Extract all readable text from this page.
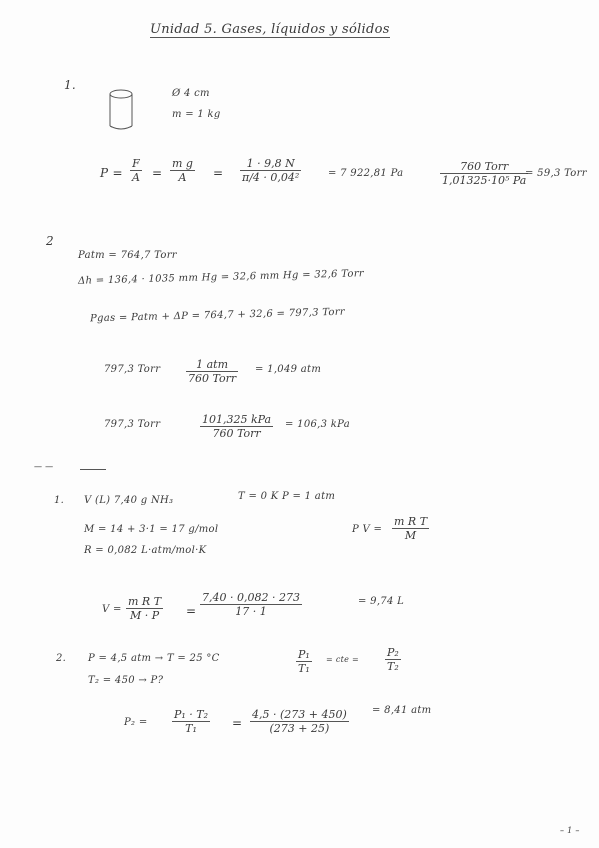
Unidad 5. Gases, líquidos y sólidos
1.
Ø 4 cm
m = 1 kg
$P = \frac{F}{A} = \frac{\text{m g}}{A} = \frac{1 \cdot 9,8 N}{\text{π/4 · 0,04²}}$	= 7 922,81 Pa
760 Torr
1,01325·10⁵ Pa
= 59,3 Torr
2
Patm = 764,7 Torr
Δh = 136,4 · 1035 mm Hg = 32,6 mm Hg = 32,6 Torr
Pgas = Patm + ΔP = 764,7 + 32,6 = 797,3 Torr
797,3 Torr	1 atm
760 Torr
= 1,049 atm
797,3 Torr	101,325 kPa
760 Torr
= 106,3 kPa
— —
1. V (L) 7,40 g NH₃	T = 0 K P = 1 atm
M = 14 + 3·1 = 17 g/mol
R = 0,082 L·atm/mol·K
P $V = \frac{\text{m R T}}{M}$
$V = \frac{\text{m R T}}{M \cdot P} = \frac{7,40 \cdot 0,082 \cdot 273}{17 \cdot 1}$	= 9,74 L
2. P = 4,5 atm → T = 25 °C
T₂ = 450 → P?
$\frac{\text{P₁}}{\text{T₁}}$ = cte = $\frac{\text{P₂}}{\text{T₂}}$
$P_2 = \frac{\text{P₁ · T₂}}{\text{T₁}} = \frac{4,5 \cdot (273 + 450)}{(273 + 25)} = 8,41$ atm
– 1 –
